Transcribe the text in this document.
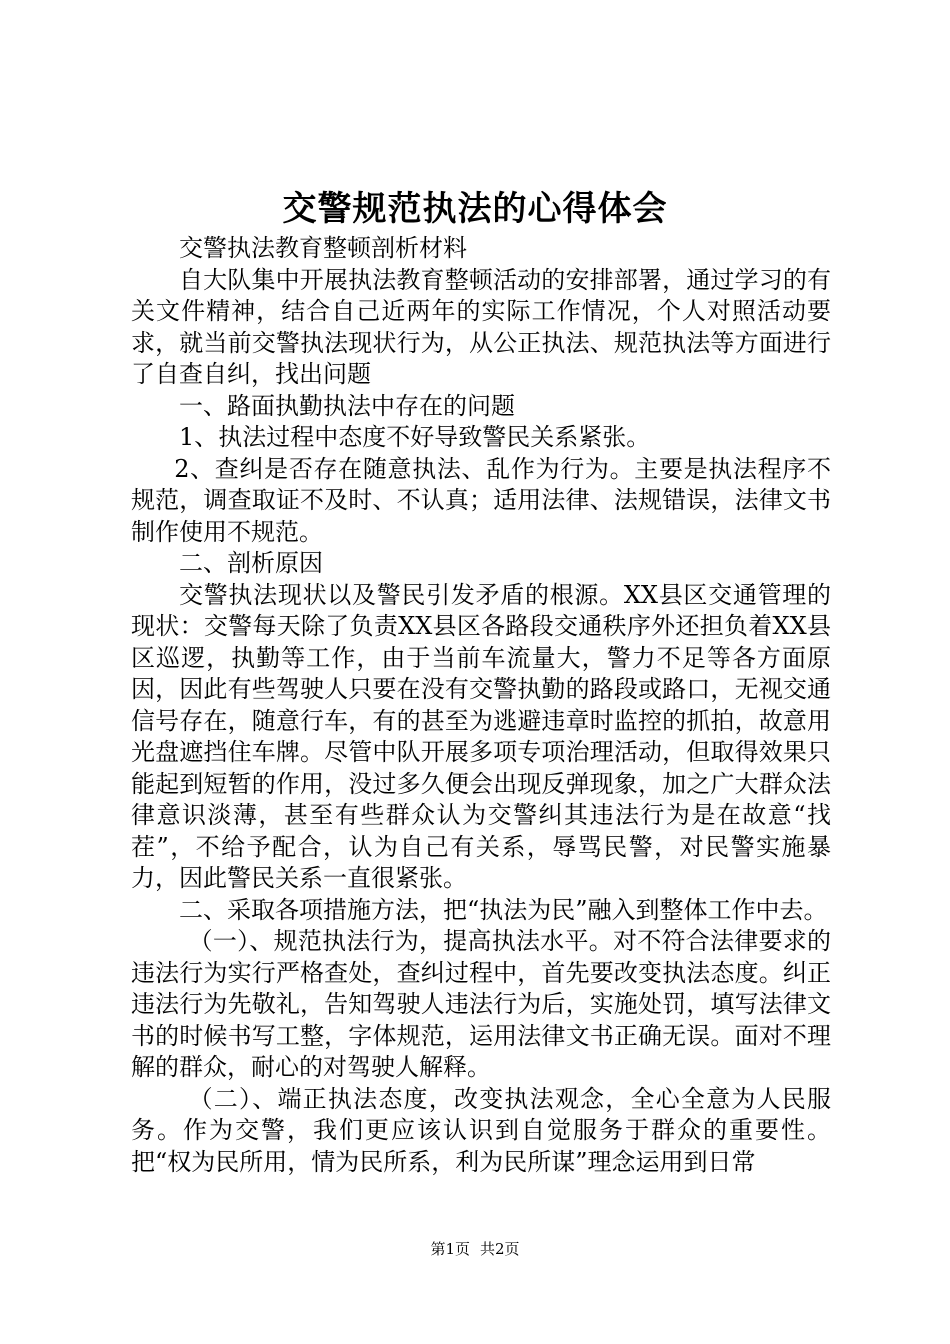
交警规范执法的心得体会

交警执法教育整顿剖析材料

自大队集中开展执法教育整顿活动的安排部署，通过学习的有关文件精神，结合自己近两年的实际工作情况，个人对照活动要求，就当前交警执法现状行为，从公正执法、规范执法等方面进行了自查自纠，找出问题

一、路面执勤执法中存在的问题

1、执法过程中态度不好导致警民关系紧张。

2、查纠是否存在随意执法、乱作为行为。主要是执法程序不规范，调查取证不及时、不认真；适用法律、法规错误，法律文书制作使用不规范。

二、剖析原因

交警执法现状以及警民引发矛盾的根源。XX县区交通管理的现状：交警每天除了负责XX县区各路段交通秩序外还担负着XX县区巡逻，执勤等工作，由于当前车流量大，警力不足等各方面原因，因此有些驾驶人只要在没有交警执勤的路段或路口，无视交通信号存在，随意行车，有的甚至为逃避违章时监控的抓拍，故意用光盘遮挡住车牌。尽管中队开展多项专项治理活动，但取得效果只能起到短暂的作用，没过多久便会出现反弹现象，加之广大群众法律意识淡薄，甚至有些群众认为交警纠其违法行为是在故意“找茬”，不给予配合，认为自己有关系，辱骂民警，对民警实施暴力，因此警民关系一直很紧张。

二、采取各项措施方法，把“执法为民”融入到整体工作中去。

（一）、规范执法行为，提高执法水平。对不符合法律要求的违法行为实行严格查处，查纠过程中，首先要改变执法态度。纠正违法行为先敬礼，告知驾驶人违法行为后，实施处罚，填写法律文书的时候书写工整，字体规范，运用法律文书正确无误。面对不理解的群众，耐心的对驾驶人解释。

（二）、端正执法态度，改变执法观念，全心全意为人民服务。作为交警，我们更应该认识到自觉服务于群众的重要性。把“权为民所用，情为民所系，利为民所谋”理念运用到日常

第1页 共2页
